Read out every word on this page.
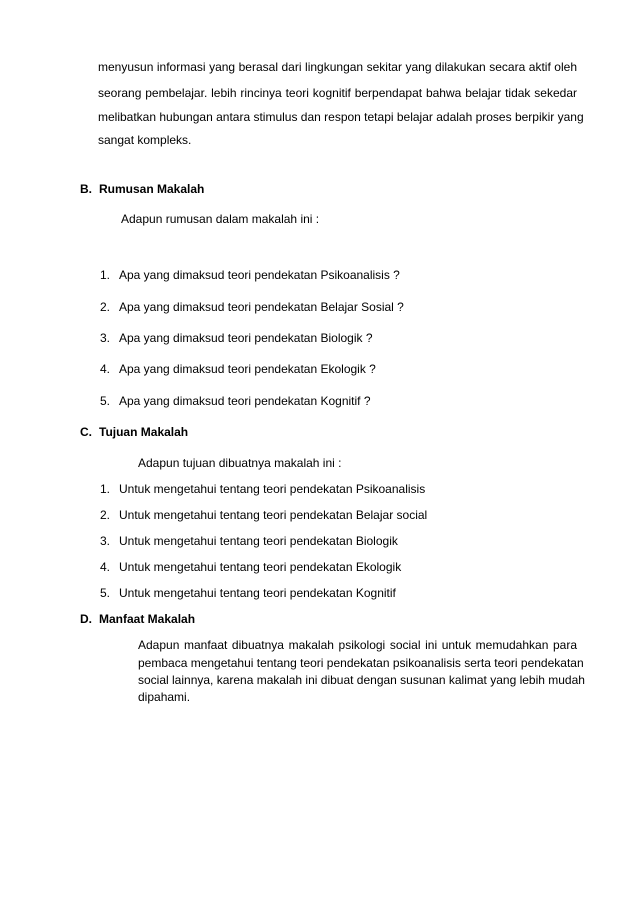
menyusun informasi yang berasal dari lingkungan sekitar yang dilakukan secara aktif oleh
seorang pembelajar. lebih rincinya teori kognitif berpendapat bahwa belajar tidak sekedar
melibatkan hubungan antara stimulus dan respon tetapi belajar adalah proses berpikir yang
sangat kompleks.
B. Rumusan Makalah
Adapun rumusan dalam makalah ini :
1. Apa yang dimaksud teori pendekatan Psikoanalisis ?
2. Apa yang dimaksud teori pendekatan Belajar Sosial ?
3. Apa yang dimaksud teori pendekatan Biologik ?
4. Apa yang dimaksud teori pendekatan Ekologik ?
5. Apa yang dimaksud teori pendekatan Kognitif ?
C. Tujuan Makalah
Adapun tujuan dibuatnya makalah ini :
1. Untuk mengetahui tentang teori pendekatan Psikoanalisis
2. Untuk mengetahui tentang teori pendekatan Belajar social
3. Untuk mengetahui tentang teori pendekatan Biologik
4. Untuk mengetahui tentang teori pendekatan Ekologik
5. Untuk mengetahui tentang teori pendekatan Kognitif
D. Manfaat Makalah
Adapun manfaat dibuatnya makalah psikologi social ini untuk memudahkan para
pembaca mengetahui tentang teori pendekatan psikoanalisis serta teori pendekatan
social lainnya, karena makalah ini dibuat dengan susunan kalimat yang lebih mudah
dipahami.
